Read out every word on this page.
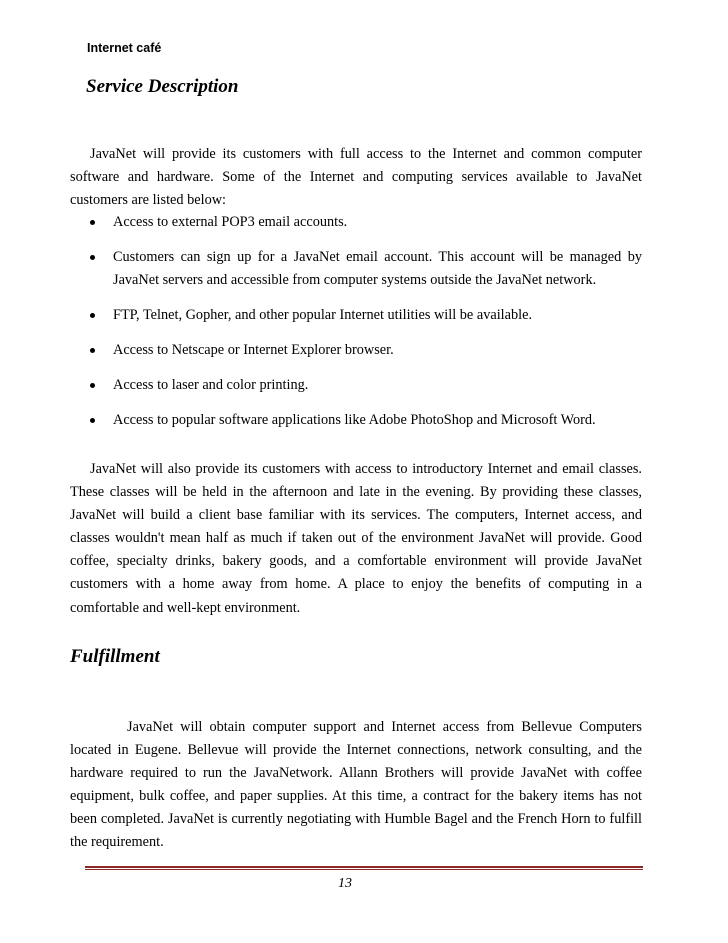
Internet café
Service Description

JavaNet will provide its customers with full access to the Internet and common computer software and hardware. Some of the Internet and computing services available to JavaNet customers are listed below:

Access to external POP3 email accounts.
Customers can sign up for a JavaNet email account. This account will be managed by JavaNet servers and accessible from computer systems outside the JavaNet network.
FTP, Telnet, Gopher, and other popular Internet utilities will be available.
Access to Netscape or Internet Explorer browser.
Access to laser and color printing.
Access to popular software applications like Adobe PhotoShop and Microsoft Word.

JavaNet will also provide its customers with access to introductory Internet and email classes. These classes will be held in the afternoon and late in the evening. By providing these classes, JavaNet will build a client base familiar with its services. The computers, Internet access, and classes wouldn't mean half as much if taken out of the environment JavaNet will provide. Good coffee, specialty drinks, bakery goods, and a comfortable environment will provide JavaNet customers with a home away from home. A place to enjoy the benefits of computing in a comfortable and well-kept environment.

Fulfillment

JavaNet will obtain computer support and Internet access from Bellevue Computers located in Eugene. Bellevue will provide the Internet connections, network consulting, and the hardware required to run the JavaNetwork. Allann Brothers will provide JavaNet with coffee equipment, bulk coffee, and paper supplies. At this time, a contract for the bakery items has not been completed. JavaNet is currently negotiating with Humble Bagel and the French Horn to fulfill the requirement.

13
